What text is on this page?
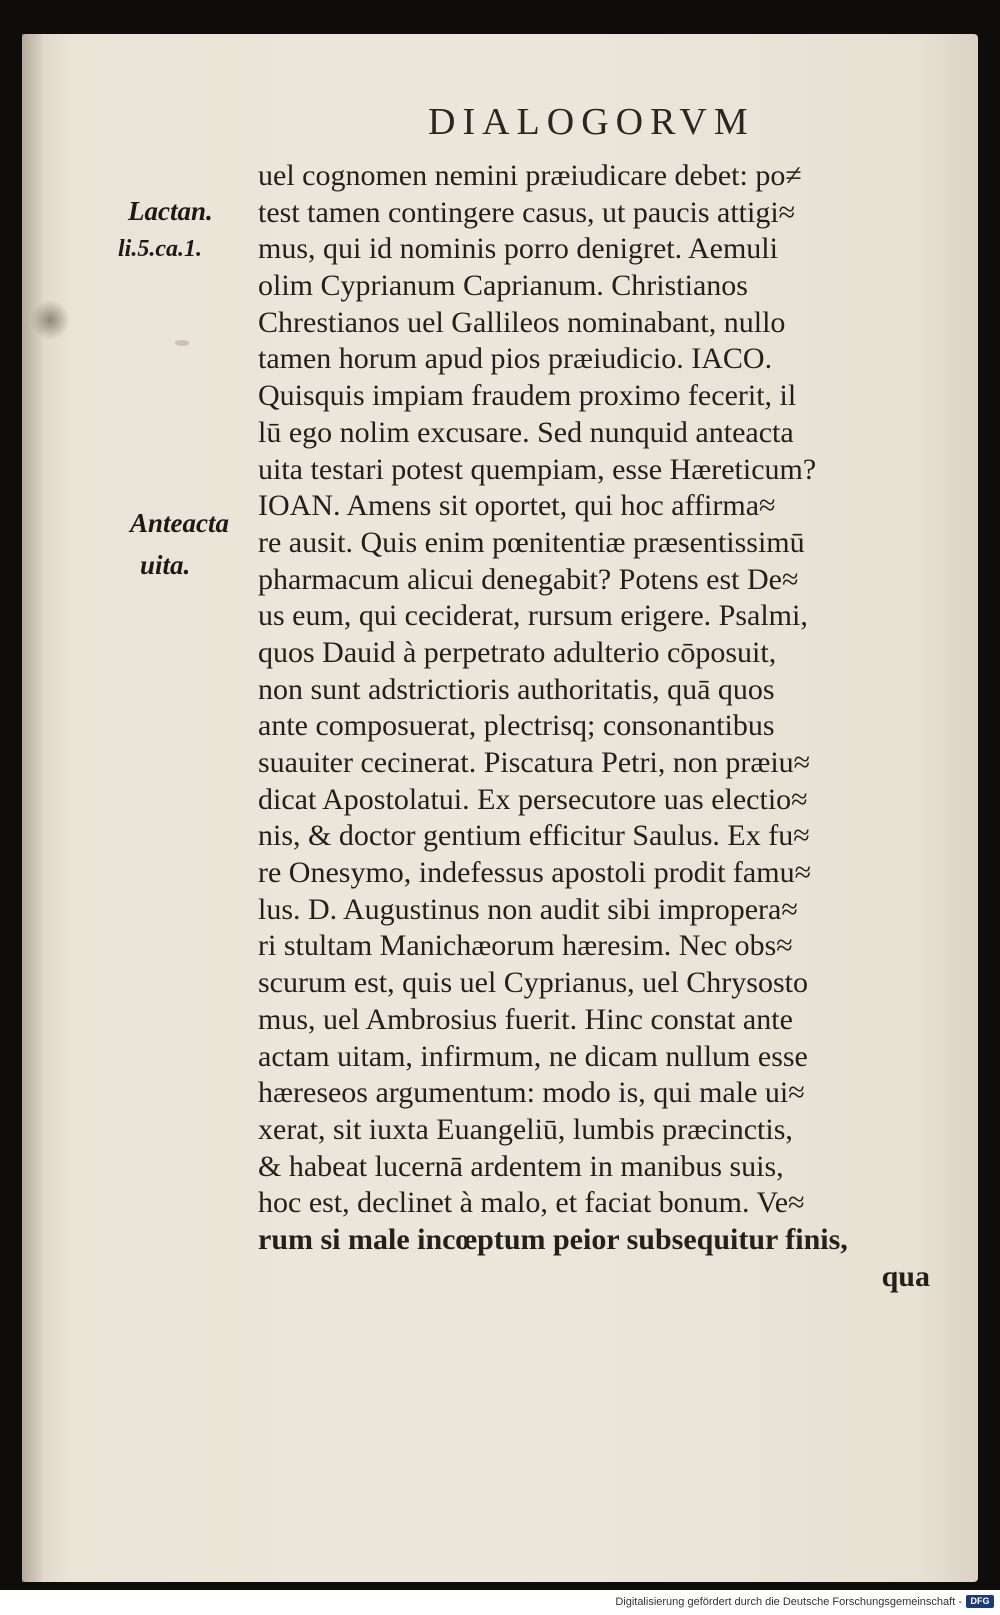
DIALOGORVM
Lactan.
li.5.ca.1.
Anteacta
uita.
uel cognomen nemini præiudicare debet: po≠
test tamen contingere casus, ut paucis attigi≈
mus, qui id nominis porro denigret. Aemuli
olim Cyprianum Caprianum. Christianos
Chrestianos uel Gallileos nominabant, nullo
tamen horum apud pios præiudicio. IACO.
Quisquis impiam fraudem proximo fecerit, il
lū ego nolim excusare. Sed nunquid anteacta
uita testari potest quempiam, esse Hæreticum?
IOAN. Amens sit oportet, qui hoc affirma≈
re ausit. Quis enim pœnitentiæ præsentissimū
pharmacum alicui denegabit? Potens est De≈
us eum, qui ceciderat, rursum erigere. Psalmi,
quos Dauid à perpetrato adulterio cōposuit,
non sunt adstrictioris authoritatis, quā quos
ante composuerat, plectrisq; consonantibus
suauiter cecinerat. Piscatura Petri, non præiu≈
dicat Apostolatui. Ex persecutore uas electio≈
nis, & doctor gentium efficitur Saulus. Ex fu≈
re Onesymo, indefessus apostoli prodit famu≈
lus. D. Augustinus non audit sibi impropera≈
ri stultam Manichæorum hæresim. Nec obs≈
scurum est, quis uel Cyprianus, uel Chrysosto
mus, uel Ambrosius fuerit. Hinc constat ante
actam uitam, infirmum, ne dicam nullum esse
hæreseos argumentum: modo is, qui male ui≈
xerat, sit iuxta Euangeliū, lumbis præcinctis,
& habeat lucernā ardentem in manibus suis,
hoc est, declinet à malo, et faciat bonum. Ve≈
rum si male incœptum peior subsequitur finis,
qua
Digitalisierung gefördert durch die Deutsche Forschungsgemeinschaft - DFG
